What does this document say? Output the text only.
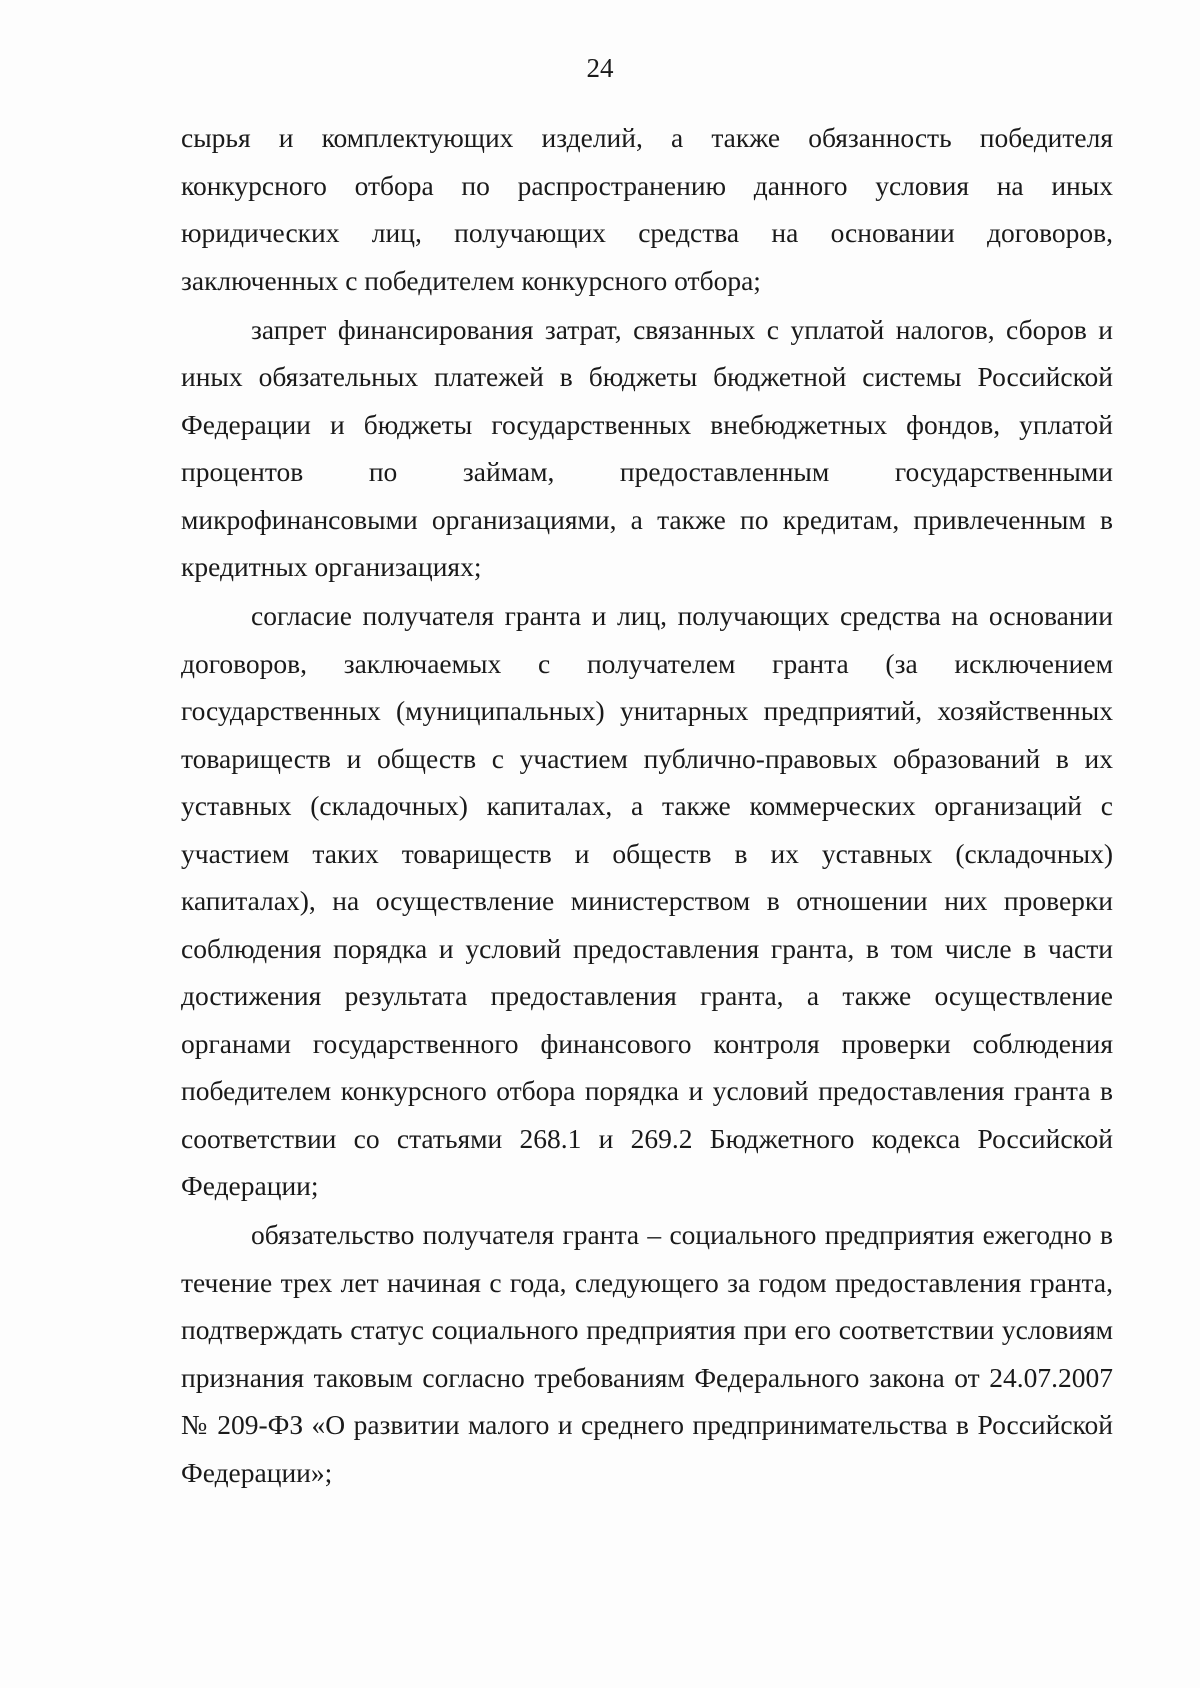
24

сырья и комплектующих изделий, а также обязанность победителя конкурсного отбора по распространению данного условия на иных юридических лиц, получающих средства на основании договоров, заключенных с победителем конкурсного отбора;

запрет финансирования затрат, связанных с уплатой налогов, сборов и иных обязательных платежей в бюджеты бюджетной системы Российской Федерации и бюджеты государственных внебюджетных фондов, уплатой процентов по займам, предоставленным государственными микрофинансовыми организациями, а также по кредитам, привлеченным в кредитных организациях;

согласие получателя гранта и лиц, получающих средства на основании договоров, заключаемых с получателем гранта (за исключением государственных (муниципальных) унитарных предприятий, хозяйственных товариществ и обществ с участием публично-правовых образований в их уставных (складочных) капиталах, а также коммерческих организаций с участием таких товариществ и обществ в их уставных (складочных) капиталах), на осуществление министерством в отношении них проверки соблюдения порядка и условий предоставления гранта, в том числе в части достижения результата предоставления гранта, а также осуществление органами государственного финансового контроля проверки соблюдения победителем конкурсного отбора порядка и условий предоставления гранта в соответствии со статьями 268.1 и 269.2 Бюджетного кодекса Российской Федерации;

обязательство получателя гранта – социального предприятия ежегодно в течение трех лет начиная с года, следующего за годом предоставления гранта, подтверждать статус социального предприятия при его соответствии условиям признания таковым согласно требованиям Федерального закона от 24.07.2007 № 209-ФЗ «О развитии малого и среднего предпринимательства в Российской Федерации»;
